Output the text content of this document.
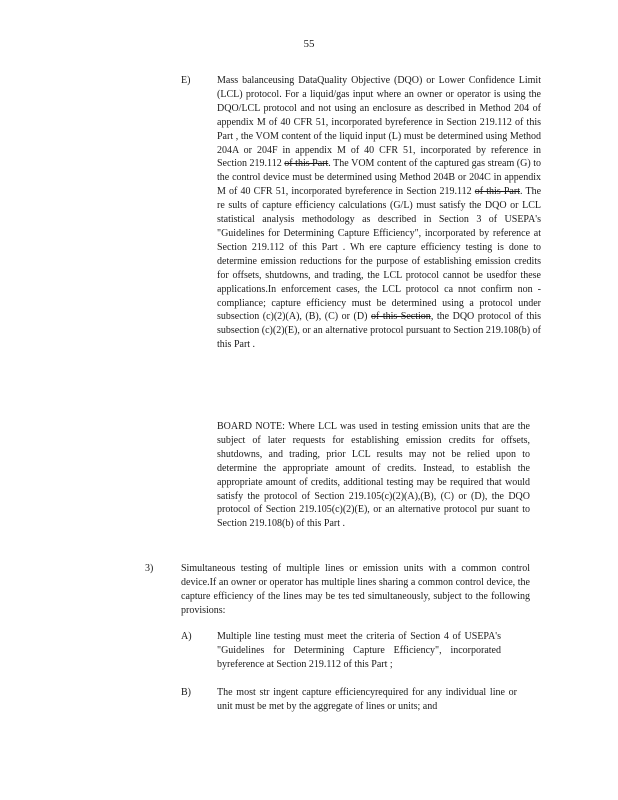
55
E)	Mass balanceusing DataQuality Objective (DQO) or Lower Confidence Limit (LCL) protocol. For a liquid/gas input where an owner or operator is using the DQO/LCL protocol and not using an enclosure as described in Method 204 of appendix M of 40 CFR 51, incorporated byreference in Section 219.112 of this Part , the VOM content of the liquid input (L) must be determined using Method 204A or 204F in appendix M of 40 CFR 51, incorporated by reference in Section 219.112 of this Part. The VOM content of the captured gas stream (G) to the control device must be determined using Method 204B or 204C in appendix M of 40 CFR 51, incorporated byreference in Section 219.112 of this Part. The re sults of capture efficiency calculations (G/L) must satisfy the DQO or LCL statistical analysis methodology as described in Section 3 of USEPA's "Guidelines for Determining Capture Efficiency", incorporated by reference at Section 219.112 of this Part . Wh ere capture efficiency testing is done to determine emission reductions for the purpose of establishing emission credits for offsets, shutdowns, and trading, the LCL protocol cannot be usedfor these applications.In enforcement cases, the LCL protocol ca nnot confirm non -compliance; capture efficiency must be determined using a protocol under subsection (c)(2)(A), (B), (C) or (D) of this Section, the DQO protocol of this subsection (c)(2)(E), or an alternative protocol pursuant to Section 219.108(b) of this Part .

BOARD NOTE: Where LCL was used in testing emission units that are the subject of later requests for establishing emission credits for offsets, shutdowns, and trading, prior LCL results may not be relied upon to determine the appropriate amount of credits. Instead, to establish the appropriate amount of credits, additional testing may be required that would satisfy the protocol of Section 219.105(c)(2)(A),(B), (C) or (D), the DQO protocol of Section 219.105(c)(2)(E), or an alternative protocol pur suant to Section 219.108(b) of this Part .

3)	Simultaneous testing of multiple lines or emission units with a common control device.If an owner or operator has multiple lines sharing a common control device, the capture efficiency of the lines may be tes ted simultaneously, subject to the following provisions:

A)	Multiple line testing must meet the criteria of Section 4 of USEPA's "Guidelines for Determining Capture Efficiency", incorporated byreference at Section 219.112 of this Part ;

B)	The most str ingent capture efficiencyrequired for any individual line or unit must be met by the aggregate of lines or units; and
